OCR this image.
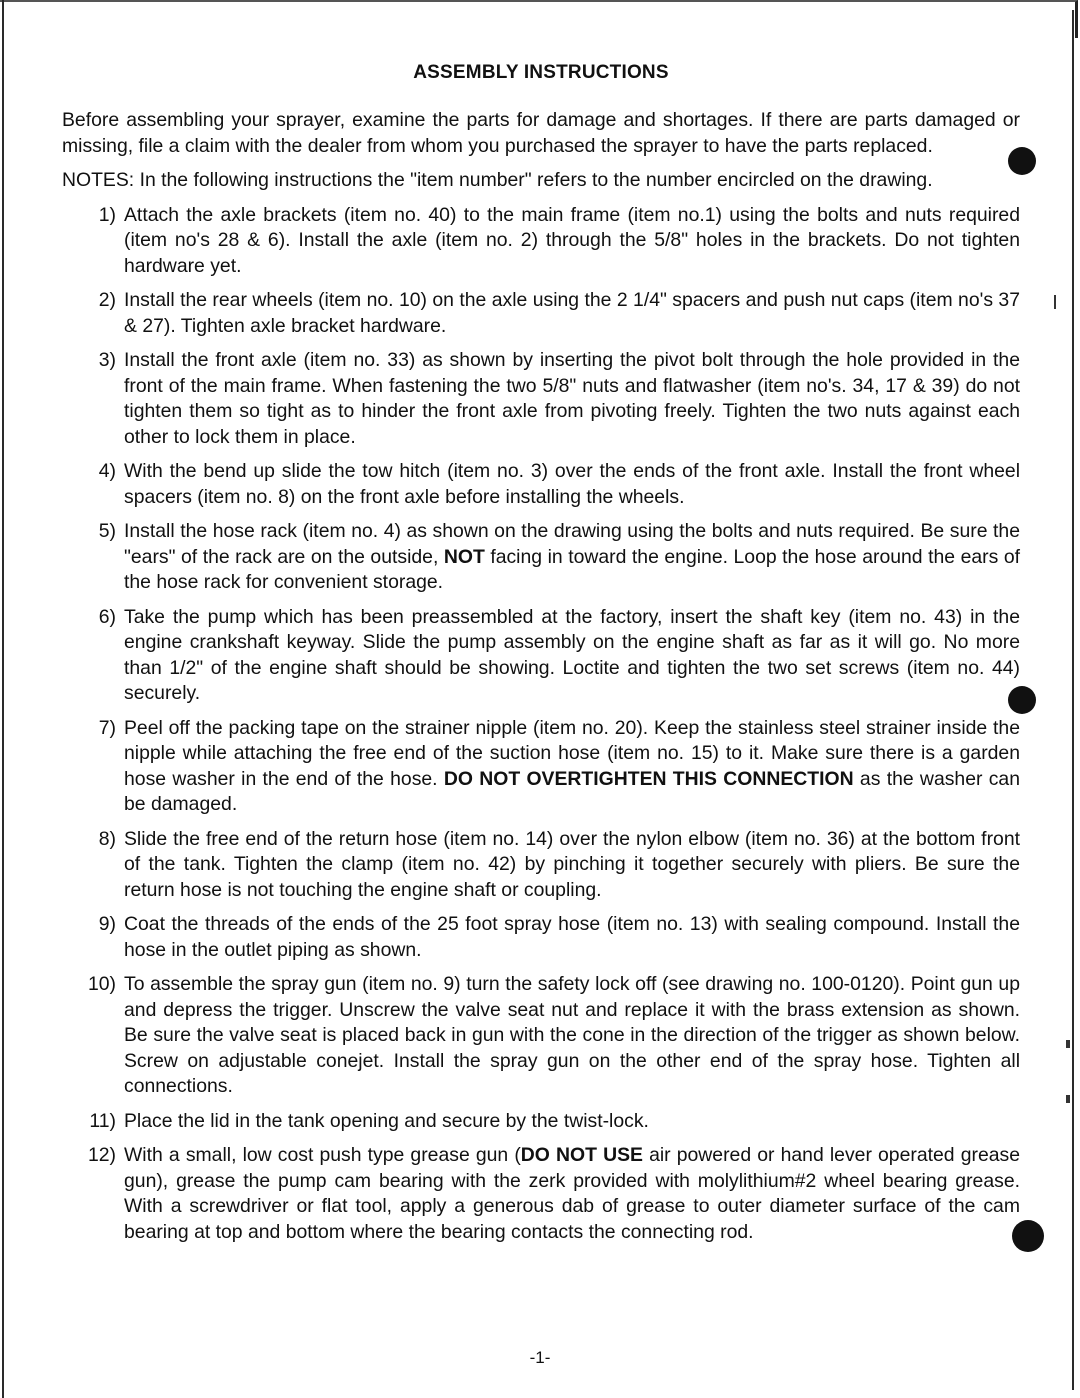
ASSEMBLY INSTRUCTIONS

Before assembling your sprayer, examine the parts for damage and shortages. If there are parts damaged or missing, file a claim with the dealer from whom you purchased the sprayer to have the parts replaced.

NOTES: In the following instructions the "item number" refers to the number encircled on the drawing.

1) Attach the axle brackets (item no. 40) to the main frame (item no.1) using the bolts and nuts required (item no's 28 & 6). Install the axle (item no. 2) through the 5/8" holes in the brackets. Do not tighten hardware yet.
2) Install the rear wheels (item no. 10) on the axle using the 2 1/4" spacers and push nut caps (item no's 37 & 27). Tighten axle bracket hardware.
3) Install the front axle (item no. 33) as shown by inserting the pivot bolt through the hole provided in the front of the main frame. When fastening the two 5/8" nuts and flatwasher (item no's. 34, 17 & 39) do not tighten them so tight as to hinder the front axle from pivoting freely. Tighten the two nuts against each other to lock them in place.
4) With the bend up slide the tow hitch (item no. 3) over the ends of the front axle. Install the front wheel spacers (item no. 8) on the front axle before installing the wheels.
5) Install the hose rack (item no. 4) as shown on the drawing using the bolts and nuts required. Be sure the "ears" of the rack are on the outside, NOT facing in toward the engine. Loop the hose around the ears of the hose rack for convenient storage.
6) Take the pump which has been preassembled at the factory, insert the shaft key (item no. 43) in the engine crankshaft keyway. Slide the pump assembly on the engine shaft as far as it will go. No more than 1/2" of the engine shaft should be showing. Loctite and tighten the two set screws (item no. 44) securely.
7) Peel off the packing tape on the strainer nipple (item no. 20). Keep the stainless steel strainer inside the nipple while attaching the free end of the suction hose (item no. 15) to it. Make sure there is a garden hose washer in the end of the hose. DO NOT OVERTIGHTEN THIS CONNECTION as the washer can be damaged.
8) Slide the free end of the return hose (item no. 14) over the nylon elbow (item no. 36) at the bottom front of the tank. Tighten the clamp (item no. 42) by pinching it together securely with pliers. Be sure the return hose is not touching the engine shaft or coupling.
9) Coat the threads of the ends of the 25 foot spray hose (item no. 13) with sealing compound. Install the hose in the outlet piping as shown.
10) To assemble the spray gun (item no. 9) turn the safety lock off (see drawing no. 100-0120). Point gun up and depress the trigger. Unscrew the valve seat nut and replace it with the brass extension as shown. Be sure the valve seat is placed back in gun with the cone in the direction of the trigger as shown below. Screw on adjustable conejet. Install the spray gun on the other end of the spray hose. Tighten all connections.
11) Place the lid in the tank opening and secure by the twist-lock.
12) With a small, low cost push type grease gun (DO NOT USE air powered or hand lever operated grease gun), grease the pump cam bearing with the zerk provided with molylithium#2 wheel bearing grease. With a screwdriver or flat tool, apply a generous dab of grease to outer diameter surface of the cam bearing at top and bottom where the bearing contacts the connecting rod.
-1-
